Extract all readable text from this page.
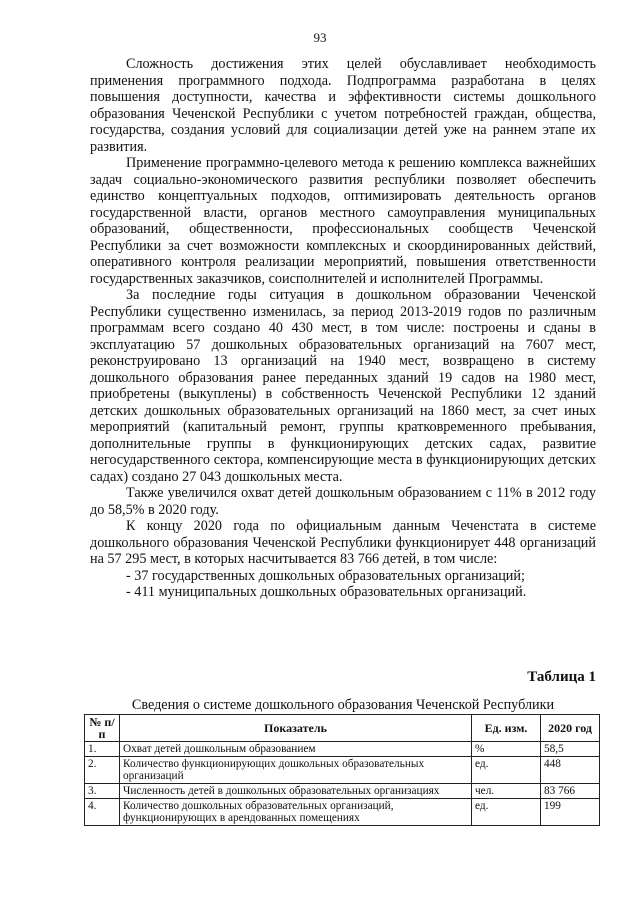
93

Сложность достижения этих целей обуславливает необходимость применения программного подхода. Подпрограмма разработана в целях повышения доступности, качества и эффективности системы дошкольного образования Чеченской Республики с учетом потребностей граждан, общества, государства, создания условий для социализации детей уже на раннем этапе их развития.

Применение программно-целевого метода к решению комплекса важнейших задач социально-экономического развития республики позволяет обеспечить единство концептуальных подходов, оптимизировать деятельность органов государственной власти, органов местного самоуправления муниципальных образований, общественности, профессиональных сообществ Чеченской Республики за счет возможности комплексных и скоординированных действий, оперативного контроля реализации мероприятий, повышения ответственности государственных заказчиков, соисполнителей и исполнителей Программы.

За последние годы ситуация в дошкольном образовании Чеченской Республики существенно изменилась, за период 2013-2019 годов по различным программам всего создано 40 430 мест, в том числе: построены и сданы в эксплуатацию 57 дошкольных образовательных организаций на 7607 мест, реконструировано 13 организаций на 1940 мест, возвращено в систему дошкольного образования ранее переданных зданий 19 садов на 1980 мест, приобретены (выкуплены) в собственность Чеченской Республики 12 зданий детских дошкольных образовательных организаций на 1860 мест, за счет иных мероприятий (капитальный ремонт, группы кратковременного пребывания, дополнительные группы в функционирующих детских садах, развитие негосударственного сектора, компенсирующие места в функционирующих детских садах) создано 27 043 дошкольных места.

Также увеличился охват детей дошкольным образованием с 11% в 2012 году до 58,5% в 2020 году.

К концу 2020 года по официальным данным Чеченстата в системе дошкольного образования Чеченской Республики функционирует 448 организаций на 57 295 мест, в которых насчитывается 83 766 детей, в том числе:

- 37 государственных дошкольных образовательных организаций;

- 411 муниципальных дошкольных образовательных организаций.

Таблица 1
Сведения о системе дошкольного образования Чеченской Республики
№ п/п	Показатель	Ед. изм.	2020 год
1.	Охват детей дошкольным образованием	%	58,5
2.	Количество функционирующих дошкольных образовательных организаций	ед.	448
3.	Численность детей в дошкольных образовательных организациях	чел.	83 766
4.	Количество дошкольных образовательных организаций, функционирующих в арендованных помещениях	ед.	199
